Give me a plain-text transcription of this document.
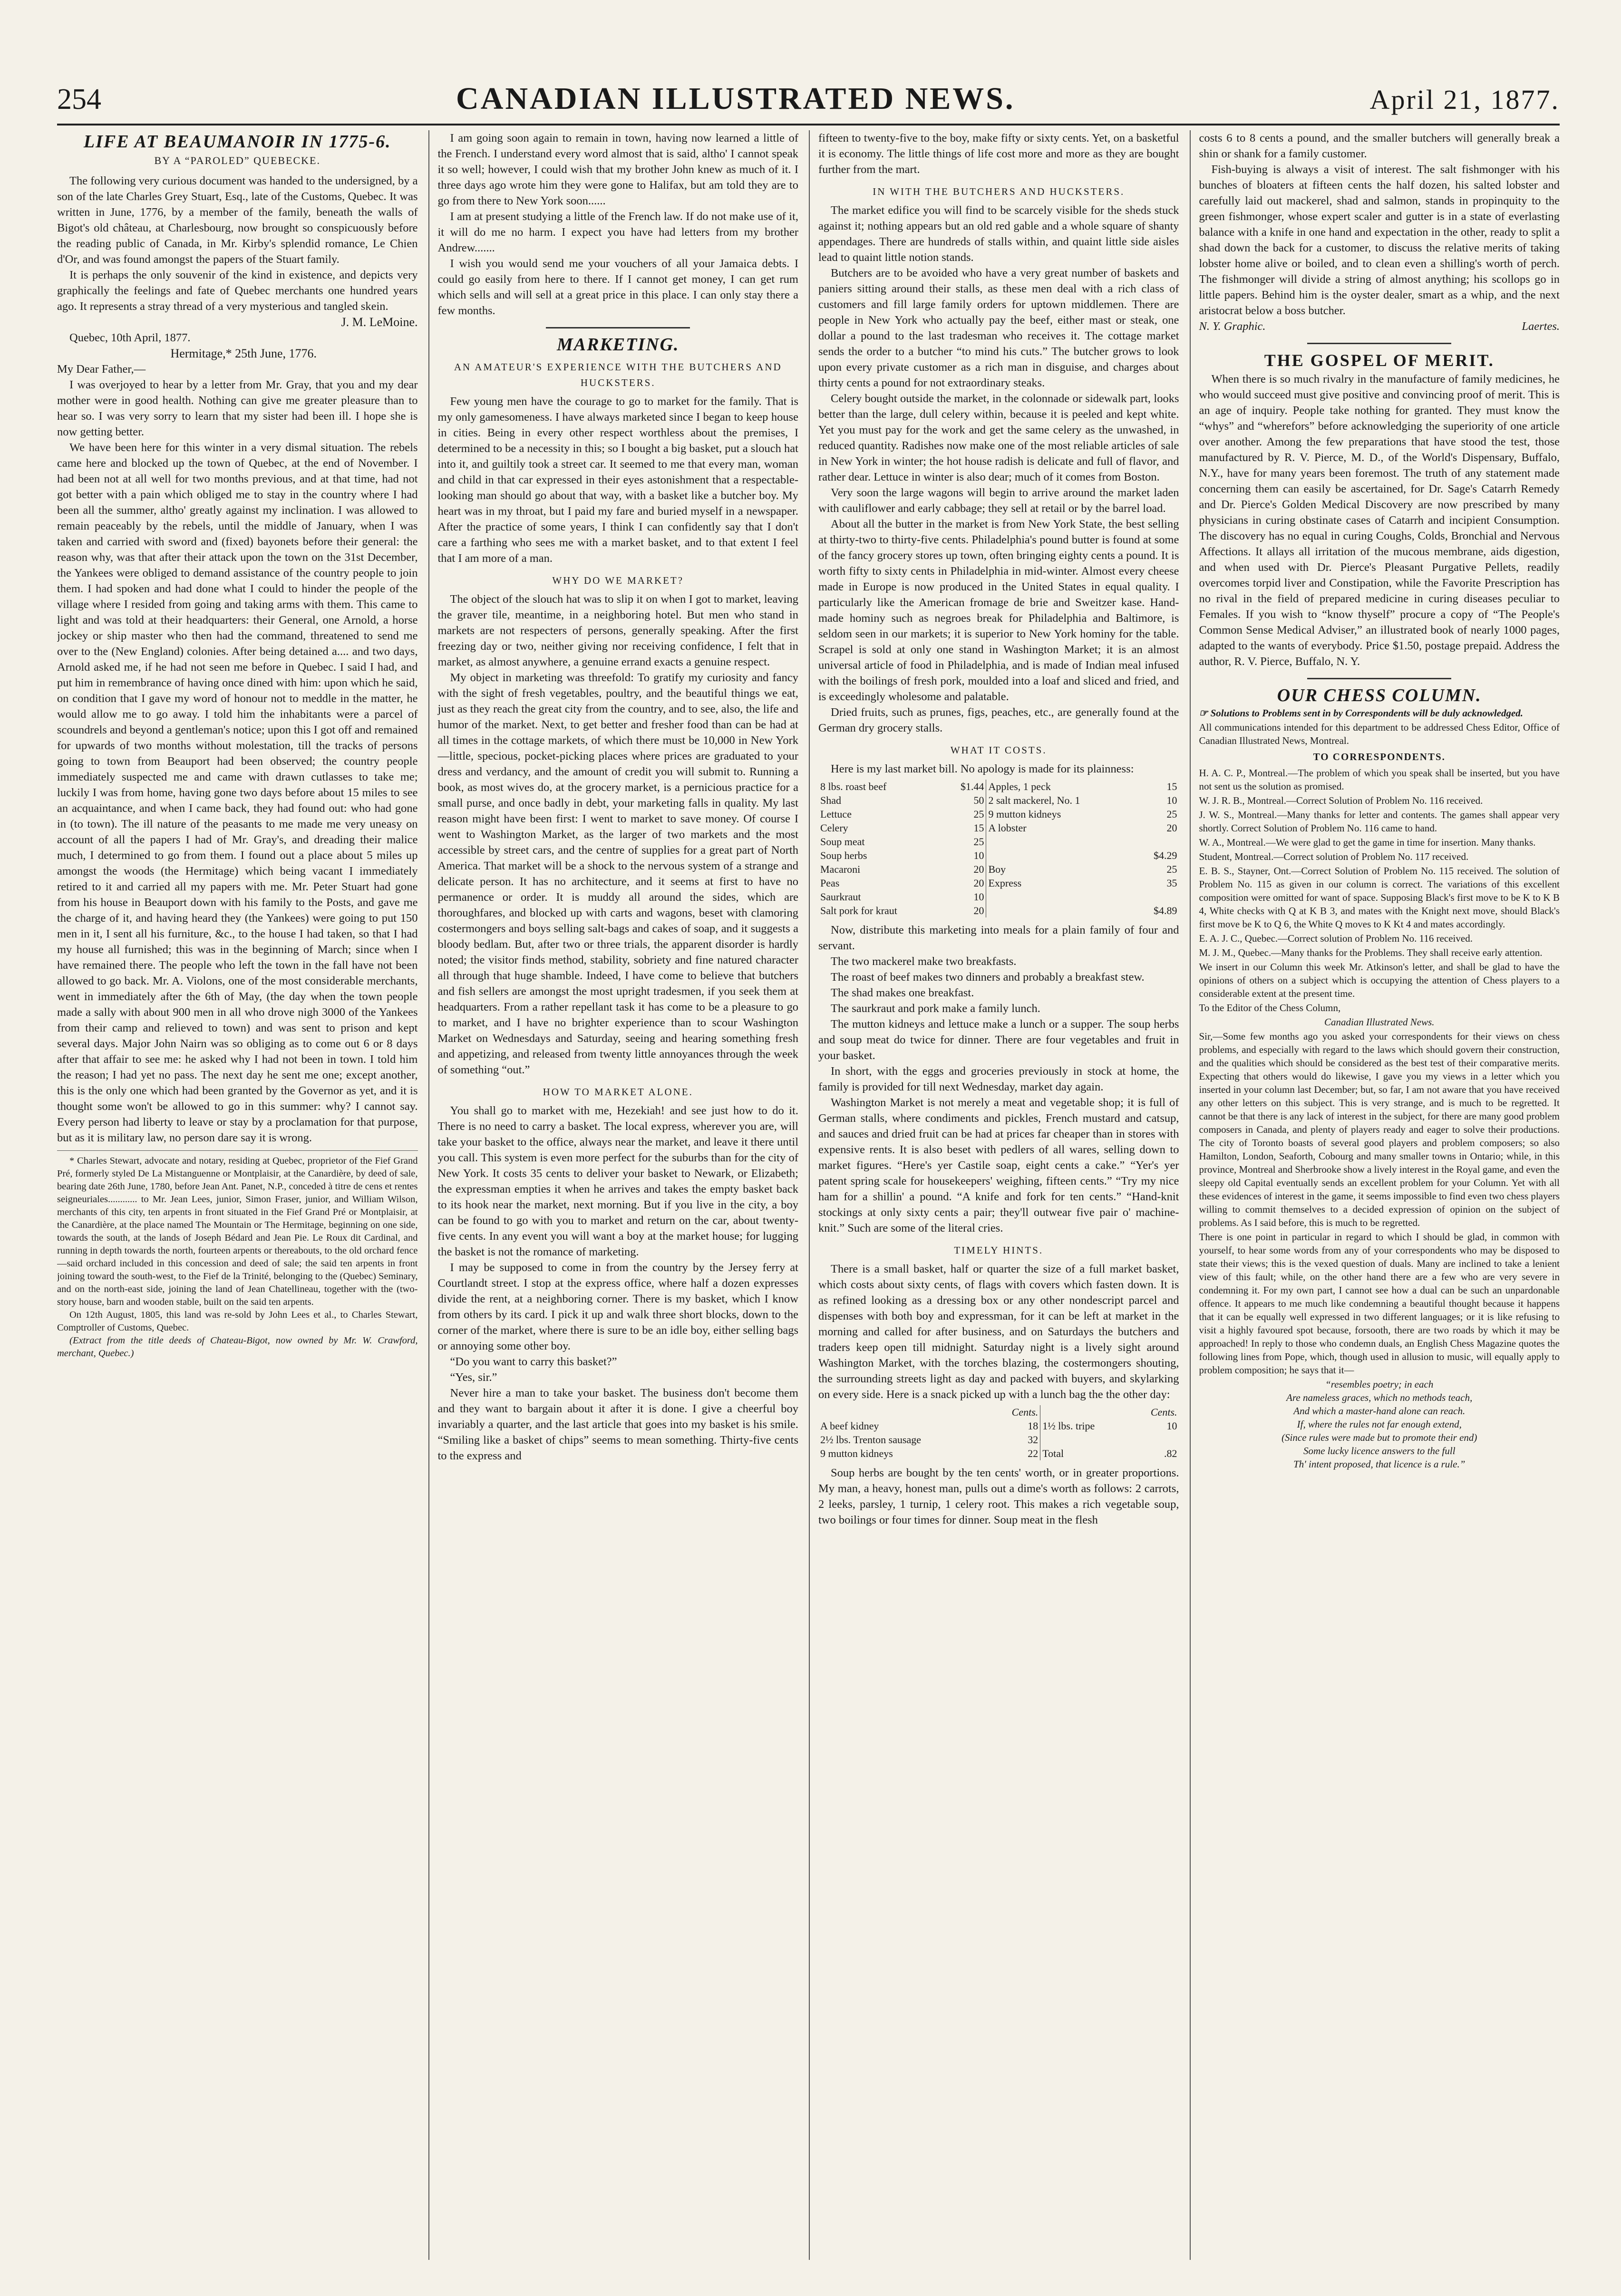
254	CANADIAN ILLUSTRATED NEWS.	April 21, 1877.
LIFE AT BEAUMANOIR IN 1775-6.
BY A “PAROLED” QUEBECKE.

The following very curious document was handed to the undersigned, by a son of the late Charles Grey Stuart, Esq., late of the Customs, Quebec. It was written in June, 1776, by a member of the family, beneath the walls of Bigot's old château, at Charlesbourg, now brought so conspicuously before the reading public of Canada, in Mr. Kirby's splendid romance, Le Chien d'Or, and was found amongst the papers of the Stuart family.

It is perhaps the only souvenir of the kind in existence, and depicts very graphically the feelings and fate of Quebec merchants one hundred years ago. It represents a stray thread of a very mysterious and tangled skein.

J. M. LeMoine.

Quebec, 10th April, 1877.

Hermitage,* 25th June, 1776.

My Dear Father,—

I was overjoyed to hear by a letter from Mr. Gray, that you and my dear mother were in good health. Nothing can give me greater pleasure than to hear so. I was very sorry to learn that my sister had been ill. I hope she is now getting better.

We have been here for this winter in a very dismal situation. The rebels came here and blocked up the town of Quebec, at the end of November. I had been not at all well for two months previous, and at that time, had not got better with a pain which obliged me to stay in the country where I had been all the summer, altho' greatly against my inclination. I was allowed to remain peaceably by the rebels, until the middle of January, when I was taken and carried with sword and (fixed) bayonets before their general: the reason why, was that after their attack upon the town on the 31st December, the Yankees were obliged to demand assistance of the country people to join them. I had spoken and had done what I could to hinder the people of the village where I resided from going and taking arms with them. This came to light and was told at their headquarters: their General, one Arnold, a horse jockey or ship master who then had the command, threatened to send me over to the (New England) colonies. After being detained a.... and two days, Arnold asked me, if he had not seen me before in Quebec. I said I had, and put him in remembrance of having once dined with him: upon which he said, on condition that I gave my word of honour not to meddle in the matter, he would allow me to go away. I told him the inhabitants were a parcel of scoundrels and beyond a gentleman's notice; upon this I got off and remained for upwards of two months without molestation, till the tracks of persons going to town from Beauport had been observed; the country people immediately suspected me and came with drawn cutlasses to take me; luckily I was from home, having gone two days before about 15 miles to see an acquaintance, and when I came back, they had found out: who had gone in (to town). The ill nature of the peasants to me made me very uneasy on account of all the papers I had of Mr. Gray's, and dreading their malice much, I determined to go from them. I found out a place about 5 miles up amongst the woods (the Hermitage) which being vacant I immediately retired to it and carried all my papers with me. Mr. Peter Stuart had gone from his house in Beauport down with his family to the Posts, and gave me the charge of it, and having heard they (the Yankees) were going to put 150 men in it, I sent all his furniture, &c., to the house I had taken, so that I had my house all furnished; this was in the beginning of March; since when I have remained there. The people who left the town in the fall have not been allowed to go back. Mr. A. Violons, one of the most considerable merchants, went in immediately after the 6th of May, (the day when the town people made a sally with about 900 men in all who drove nigh 3000 of the Yankees from their camp and relieved to town) and was sent to prison and kept several days. Major John Nairn was so obliging as to come out 6 or 8 days after that affair to see me: he asked why I had not been in town. I told him the reason; I had yet no pass. The next day he sent me one; except another, this is the only one which had been granted by the Governor as yet, and it is thought some won't be allowed to go in this summer: why? I cannot say. Every person had liberty to leave or stay by a proclamation for that purpose, but as it is military law, no person dare say it is wrong.

* Charles Stewart, advocate and notary, residing at Quebec, proprietor of the Fief Grand Pré, formerly styled De La Mistanguenne or Montplaisir, at the Canardière, by deed of sale, bearing date 26th June, 1780, before Jean Ant. Panet, N.P., conceded à titre de cens et rentes seigneuriales............ to Mr. Jean Lees, junior, Simon Fraser, junior, and William Wilson, merchants of this city, ten arpents in front situated in the Fief Grand Pré or Montplaisir, at the Canardière, at the place named The Mountain or The Hermitage, beginning on one side, towards the south, at the lands of Joseph Bédard and Jean Pie. Le Roux dit Cardinal, and running in depth towards the north, fourteen arpents or thereabouts, to the old orchard fence—said orchard included in this concession and deed of sale; the said ten arpents in front joining toward the south-west, to the Fief de la Trinité, belonging to the (Quebec) Seminary, and on the north-east side, joining the land of Jean Chatellineau, together with the (two-story house, barn and wooden stable, built on the said ten arpents.

On 12th August, 1805, this land was re-sold by John Lees et al., to Charles Stewart, Comptroller of Customs, Quebec.

(Extract from the title deeds of Chateau-Bigot, now owned by Mr. W. Crawford, merchant, Quebec.)

I am going soon again to remain in town, having now learned a little of the French. I understand every word almost that is said, altho' I cannot speak it so well; however, I could wish that my brother John knew as much of it. I three days ago wrote him they were gone to Halifax, but am told they are to go from there to New York soon......

I am at present studying a little of the French law. If do not make use of it, it will do me no harm. I expect you have had letters from my brother Andrew.......

I wish you would send me your vouchers of all your Jamaica debts. I could go easily from here to there. If I cannot get money, I can get rum which sells and will sell at a great price in this place. I can only stay there a few months.

MARKETING.
AN AMATEUR'S EXPERIENCE WITH THE BUTCHERS AND HUCKSTERS.

Few young men have the courage to go to market for the family. That is my only gamesomeness. I have always marketed since I began to keep house in cities. Being in every other respect worthless about the premises, I determined to be a necessity in this; so I bought a big basket, put a slouch hat into it, and guiltily took a street car. It seemed to me that every man, woman and child in that car expressed in their eyes astonishment that a respectable-looking man should go about that way, with a basket like a butcher boy. My heart was in my throat, but I paid my fare and buried myself in a newspaper. After the practice of some years, I think I can confidently say that I don't care a farthing who sees me with a market basket, and to that extent I feel that I am more of a man.

WHY DO WE MARKET?

The object of the slouch hat was to slip it on when I got to market, leaving the graver tile, meantime, in a neighboring hotel. But men who stand in markets are not respecters of persons, generally speaking. After the first freezing day or two, neither giving nor receiving confidence, I felt that in market, as almost anywhere, a genuine errand exacts a genuine respect.

My object in marketing was threefold: To gratify my curiosity and fancy with the sight of fresh vegetables, poultry, and the beautiful things we eat, just as they reach the great city from the country, and to see, also, the life and humor of the market. Next, to get better and fresher food than can be had at all times in the cottage markets, of which there must be 10,000 in New York—little, specious, pocket-picking places where prices are graduated to your dress and verdancy, and the amount of credit you will submit to. Running a book, as most wives do, at the grocery market, is a pernicious practice for a small purse, and once badly in debt, your marketing falls in quality. My last reason might have been first: I went to market to save money. Of course I went to Washington Market, as the larger of two markets and the most accessible by street cars, and the centre of supplies for a great part of North America. That market will be a shock to the nervous system of a strange and delicate person. It has no architecture, and it seems at first to have no permanence or order. It is muddy all around the sides, which are thoroughfares, and blocked up with carts and wagons, beset with clamoring costermongers and boys selling salt-bags and cakes of soap, and it suggests a bloody bedlam. But, after two or three trials, the apparent disorder is hardly noted; the visitor finds method, stability, sobriety and fine natured character all through that huge shamble. Indeed, I have come to believe that butchers and fish sellers are amongst the most upright tradesmen, if you seek them at headquarters. From a rather repellant task it has come to be a pleasure to go to market, and I have no brighter experience than to scour Washington Market on Wednesdays and Saturday, seeing and hearing something fresh and appetizing, and released from twenty little annoyances through the week of something “out.”

HOW TO MARKET ALONE.

You shall go to market with me, Hezekiah! and see just how to do it. There is no need to carry a basket. The local express, wherever you are, will take your basket to the office, always near the market, and leave it there until you call. This system is even more perfect for the suburbs than for the city of New York. It costs 35 cents to deliver your basket to Newark, or Elizabeth; the expressman empties it when he arrives and takes the empty basket back to its hook near the market, next morning. But if you live in the city, a boy can be found to go with you to market and return on the car, about twenty-five cents. In any event you will want a boy at the market house; for lugging the basket is not the romance of marketing.

I may be supposed to come in from the country by the Jersey ferry at Courtlandt street. I stop at the express office, where half a dozen expresses divide the rent, at a neighboring corner. There is my basket, which I know from others by its card. I pick it up and walk three short blocks, down to the corner of the market, where there is sure to be an idle boy, either selling bags or annoying some other boy.

“Do you want to carry this basket?”

“Yes, sir.”

Never hire a man to take your basket. The business don't become them and they want to bargain about it after it is done. I give a cheerful boy invariably a quarter, and the last article that goes into my basket is his smile. “Smiling like a basket of chips” seems to mean something. Thirty-five cents to the express and

fifteen to twenty-five to the boy, make fifty or sixty cents. Yet, on a basketful it is economy. The little things of life cost more and more as they are bought further from the mart.

IN WITH THE BUTCHERS AND HUCKSTERS.

The market edifice you will find to be scarcely visible for the sheds stuck against it; nothing appears but an old red gable and a whole square of shanty appendages. There are hundreds of stalls within, and quaint little side aisles lead to quaint little notion stands.

Butchers are to be avoided who have a very great number of baskets and paniers sitting around their stalls, as these men deal with a rich class of customers and fill large family orders for uptown middlemen. There are people in New York who actually pay the beef, either mast or steak, one dollar a pound to the last tradesman who receives it. The cottage market sends the order to a butcher “to mind his cuts.” The butcher grows to look upon every private customer as a rich man in disguise, and charges about thirty cents a pound for not extraordinary steaks.

Celery bought outside the market, in the colonnade or sidewalk part, looks better than the large, dull celery within, because it is peeled and kept white. Yet you must pay for the work and get the same celery as the unwashed, in reduced quantity. Radishes now make one of the most reliable articles of sale in New York in winter; the hot house radish is delicate and full of flavor, and rather dear. Lettuce in winter is also dear; much of it comes from Boston.

Very soon the large wagons will begin to arrive around the market laden with cauliflower and early cabbage; they sell at retail or by the barrel load.

About all the butter in the market is from New York State, the best selling at thirty-two to thirty-five cents. Philadelphia's pound butter is found at some of the fancy grocery stores up town, often bringing eighty cents a pound. It is worth fifty to sixty cents in Philadelphia in mid-winter. Almost every cheese made in Europe is now produced in the United States in equal quality. I particularly like the American fromage de brie and Sweitzer kase. Hand-made hominy such as negroes break for Philadelphia and Baltimore, is seldom seen in our markets; it is superior to New York hominy for the table. Scrapel is sold at only one stand in Washington Market; it is an almost universal article of food in Philadelphia, and is made of Indian meal infused with the boilings of fresh pork, moulded into a loaf and sliced and fried, and is exceedingly wholesome and palatable.

Dried fruits, such as prunes, figs, peaches, etc., are generally found at the German dry grocery stalls.

WHAT IT COSTS.

Here is my last market bill. No apology is made for its plainness:

8 lbs. roast beef	$1.44	Apples, 1 peck	15
Shad	50	2 salt mackerel, No. 1	10
Lettuce	25	9 mutton kidneys	25
Celery	15	A lobster	20
Soup meat	25		
Soup herbs	10		$4.29
Macaroni	20	Boy	25
Peas	20	Express	35
Saurkraut	10		
Salt pork for kraut	20		$4.89

Now, distribute this marketing into meals for a plain family of four and servant.

The two mackerel make two breakfasts.

The roast of beef makes two dinners and probably a breakfast stew.

The shad makes one breakfast.

The saurkraut and pork make a family lunch.

The mutton kidneys and lettuce make a lunch or a supper. The soup herbs and soup meat do twice for dinner. There are four vegetables and fruit in your basket.

In short, with the eggs and groceries previously in stock at home, the family is provided for till next Wednesday, market day again.

Washington Market is not merely a meat and vegetable shop; it is full of German stalls, where condiments and pickles, French mustard and catsup, and sauces and dried fruit can be had at prices far cheaper than in stores with expensive rents. It is also beset with pedlers of all wares, selling down to market figures. “Here's yer Castile soap, eight cents a cake.” “Yer's yer patent spring scale for housekeepers' weighing, fifteen cents.” “Try my nice ham for a shillin' a pound. “A knife and fork for ten cents.” “Hand-knit stockings at only sixty cents a pair; they'll outwear five pair o' machine-knit.” Such are some of the literal cries.

TIMELY HINTS.

There is a small basket, half or quarter the size of a full market basket, which costs about sixty cents, of flags with covers which fasten down. It is as refined looking as a dressing box or any other nondescript parcel and dispenses with both boy and expressman, for it can be left at market in the morning and called for after business, and on Saturdays the butchers and traders keep open till midnight. Saturday night is a lively sight around Washington Market, with the torches blazing, the costermongers shouting, the surrounding streets light as day and packed with buyers, and skylarking on every side. Here is a snack picked up with a lunch bag the the other day:

	Cents.		Cents.
A beef kidney	18	1½ lbs. tripe	10
2½ lbs. Trenton sausage	32		
9 mutton kidneys	22	Total	.82

Soup herbs are bought by the ten cents' worth, or in greater proportions. My man, a heavy, honest man, pulls out a dime's worth as follows: 2 carrots, 2 leeks, parsley, 1 turnip, 1 celery root. This makes a rich vegetable soup, two boilings or four times for dinner. Soup meat in the flesh

costs 6 to 8 cents a pound, and the smaller butchers will generally break a shin or shank for a family customer.

Fish-buying is always a visit of interest. The salt fishmonger with his bunches of bloaters at fifteen cents the half dozen, his salted lobster and carefully laid out mackerel, shad and salmon, stands in propinquity to the green fishmonger, whose expert scaler and gutter is in a state of everlasting balance with a knife in one hand and expectation in the other, ready to split a shad down the back for a customer, to discuss the relative merits of taking lobster home alive or boiled, and to clean even a shilling's worth of perch. The fishmonger will divide a string of almost anything; his scollops go in little papers. Behind him is the oyster dealer, smart as a whip, and the next aristocrat below a boss butcher.

N. Y. Graphic.	Laertes.
THE GOSPEL OF MERIT.

When there is so much rivalry in the manufacture of family medicines, he who would succeed must give positive and convincing proof of merit. This is an age of inquiry. People take nothing for granted. They must know the “whys” and “wherefors” before acknowledging the superiority of one article over another. Among the few preparations that have stood the test, those manufactured by R. V. Pierce, M. D., of the World's Dispensary, Buffalo, N.Y., have for many years been foremost. The truth of any statement made concerning them can easily be ascertained, for Dr. Sage's Catarrh Remedy and Dr. Pierce's Golden Medical Discovery are now prescribed by many physicians in curing obstinate cases of Catarrh and incipient Consumption. The discovery has no equal in curing Coughs, Colds, Bronchial and Nervous Affections. It allays all irritation of the mucous membrane, aids digestion, and when used with Dr. Pierce's Pleasant Purgative Pellets, readily overcomes torpid liver and Constipation, while the Favorite Prescription has no rival in the field of prepared medicine in curing diseases peculiar to Females. If you wish to “know thyself” procure a copy of “The People's Common Sense Medical Adviser,” an illustrated book of nearly 1000 pages, adapted to the wants of everybody. Price $1.50, postage prepaid. Address the author, R. V. Pierce, Buffalo, N. Y.

OUR CHESS COLUMN.

☞ Solutions to Problems sent in by Correspondents will be duly acknowledged.

All communications intended for this department to be addressed Chess Editor, Office of Canadian Illustrated News, Montreal.

TO CORRESPONDENTS.

H. A. C. P., Montreal.—The problem of which you speak shall be inserted, but you have not sent us the solution as promised.

W. J. R. B., Montreal.—Correct Solution of Problem No. 116 received.

J. W. S., Montreal.—Many thanks for letter and contents. The games shall appear very shortly. Correct Solution of Problem No. 116 came to hand.

W. A., Montreal.—We were glad to get the game in time for insertion. Many thanks.

Student, Montreal.—Correct solution of Problem No. 117 received.

E. B. S., Stayner, Ont.—Correct Solution of Problem No. 115 received. The solution of Problem No. 115 as given in our column is correct. The variations of this excellent composition were omitted for want of space. Supposing Black's first move to be K to K B 4, White checks with Q at K B 3, and mates with the Knight next move, should Black's first move be K to Q 6, the White Q moves to K Kt 4 and mates accordingly.

E. A. J. C., Quebec.—Correct solution of Problem No. 116 received.

M. J. M., Quebec.—Many thanks for the Problems. They shall receive early attention.

We insert in our Column this week Mr. Atkinson's letter, and shall be glad to have the opinions of others on a subject which is occupying the attention of Chess players to a considerable extent at the present time.

To the Editor of the Chess Column,

Canadian Illustrated News.

Sir,—Some few months ago you asked your correspondents for their views on chess problems, and especially with regard to the laws which should govern their construction, and the qualities which should be considered as the best test of their comparative merits. Expecting that others would do likewise, I gave you my views in a letter which you inserted in your column last December; but, so far, I am not aware that you have received any other letters on this subject. This is very strange, and is much to be regretted. It cannot be that there is any lack of interest in the subject, for there are many good problem composers in Canada, and plenty of players ready and eager to solve their productions. The city of Toronto boasts of several good players and problem composers; so also Hamilton, London, Seaforth, Cobourg and many smaller towns in Ontario; while, in this province, Montreal and Sherbrooke show a lively interest in the Royal game, and even the sleepy old Capital eventually sends an excellent problem for your Column. Yet with all these evidences of interest in the game, it seems impossible to find even two chess players willing to commit themselves to a decided expression of opinion on the subject of problems. As I said before, this is much to be regretted.

There is one point in particular in regard to which I should be glad, in common with yourself, to hear some words from any of your correspondents who may be disposed to state their views; this is the vexed question of duals. Many are inclined to take a lenient view of this fault; while, on the other hand there are a few who are very severe in condemning it. For my own part, I cannot see how a dual can be such an unpardonable offence. It appears to me much like condemning a beautiful thought because it happens that it can be equally well expressed in two different languages; or it is like refusing to visit a highly favoured spot because, forsooth, there are two roads by which it may be approached! In reply to those who condemn duals, an English Chess Magazine quotes the following lines from Pope, which, though used in allusion to music, will equally apply to problem composition; he says that it—

“resembles poetry; in each
Are nameless graces, which no methods teach,
And which a master-hand alone can reach.
If, where the rules not far enough extend,
(Since rules were made but to promote their end)
Some lucky licence answers to the full
Th' intent proposed, that licence is a rule.”
